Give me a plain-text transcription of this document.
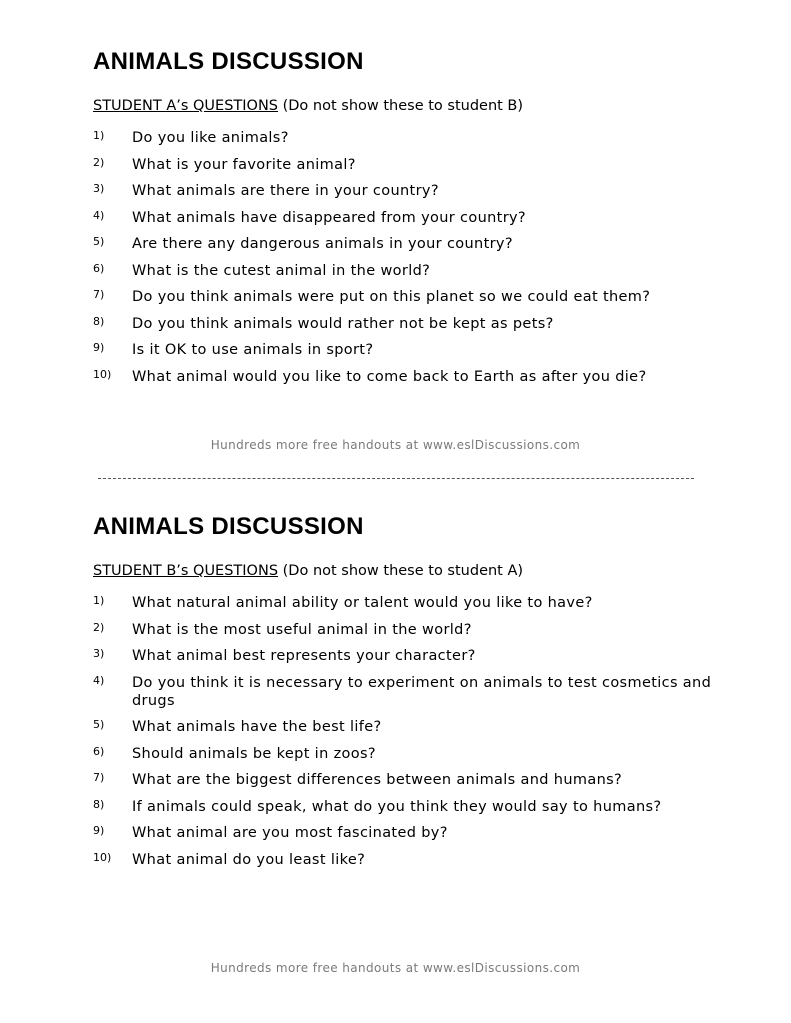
ANIMALS DISCUSSION
STUDENT A’s QUESTIONS (Do not show these to student B)
1)	Do you like animals?
2)	What is your favorite animal?
3)	What animals are there in your country?
4)	What animals have disappeared from your country?
5)	Are there any dangerous animals in your country?
6)	What is the cutest animal in the world?
7)	Do you think animals were put on this planet so we could eat them?
8)	Do you think animals would rather not be kept as pets?
9)	Is it OK to use animals in sport?
10)	What animal would you like to come back to Earth as after you die?
Hundreds more free handouts at www.eslDiscussions.com
ANIMALS DISCUSSION
STUDENT B’s QUESTIONS (Do not show these to student A)
1)	What natural animal ability or talent would you like to have?
2)	What is the most useful animal in the world?
3)	What animal best represents your character?
4)	Do you think it is necessary to experiment on animals to test cosmetics and drugs
5)	What animals have the best life?
6)	Should animals be kept in zoos?
7)	What are the biggest differences between animals and humans?
8)	If animals could speak, what do you think they would say to humans?
9)	What animal are you most fascinated by?
10)	What animal do you least like?
Hundreds more free handouts at www.eslDiscussions.com
